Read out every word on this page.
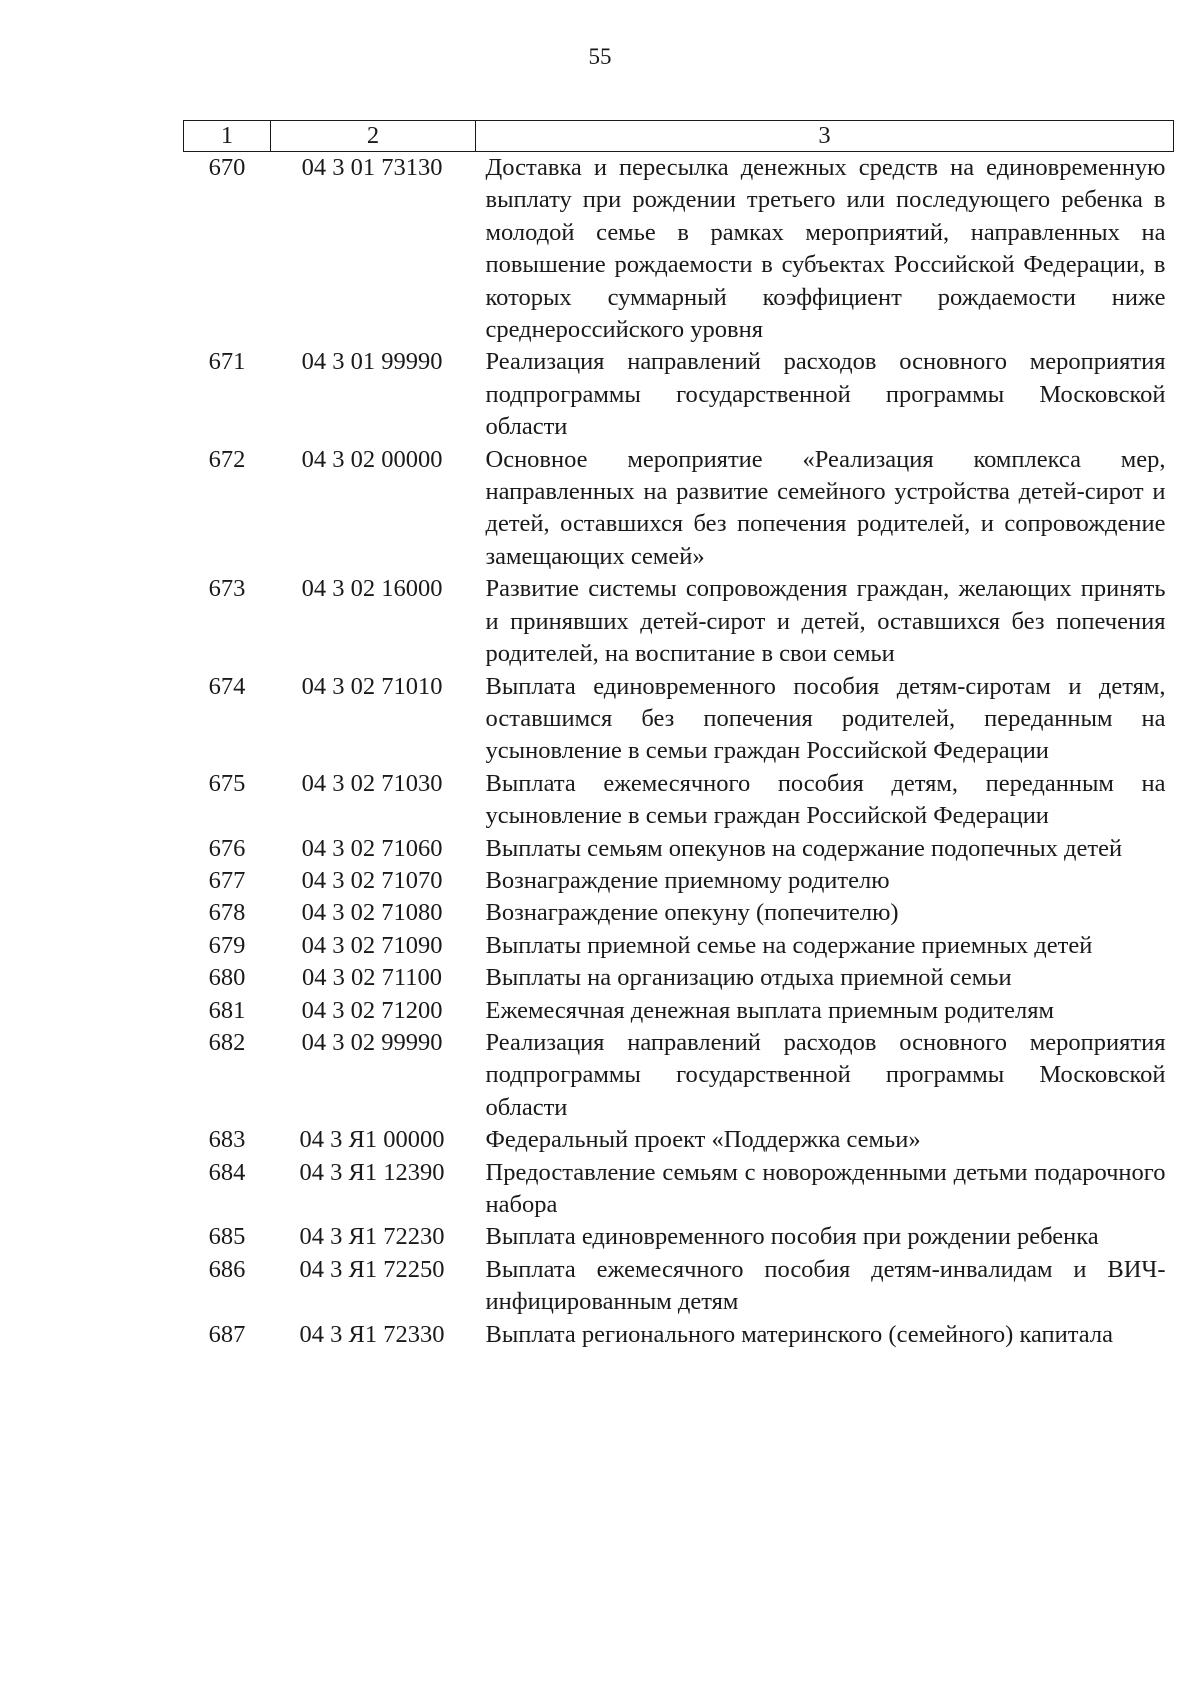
55
1	2	3
670	04 3 01 73130	Доставка и пересылка денежных средств на единовременную выплату при рождении третьего или последующего ребенка в молодой семье в рамках мероприятий, направленных на повышение рождаемости в субъектах Российской Федерации, в которых суммарный коэффициент рождаемости ниже среднероссийского уровня
671	04 3 01 99990	Реализация направлений расходов основного мероприятия подпрограммы государственной программы Московской области
672	04 3 02 00000	Основное мероприятие «Реализация комплекса мер, направленных на развитие семейного устройства детей-сирот и детей, оставшихся без попечения родителей, и сопровождение замещающих семей»
673	04 3 02 16000	Развитие системы сопровождения граждан, желающих принять и принявших детей-сирот и детей, оставшихся без попечения родителей, на воспитание в свои семьи
674	04 3 02 71010	Выплата единовременного пособия детям-сиротам и детям, оставшимся без попечения родителей, переданным на усыновление в семьи граждан Российской Федерации
675	04 3 02 71030	Выплата ежемесячного пособия детям, переданным на усыновление в семьи граждан Российской Федерации
676	04 3 02 71060	Выплаты семьям опекунов на содержание подопечных детей
677	04 3 02 71070	Вознаграждение приемному родителю
678	04 3 02 71080	Вознаграждение опекуну (попечителю)
679	04 3 02 71090	Выплаты приемной семье на содержание приемных детей
680	04 3 02 71100	Выплаты на организацию отдыха приемной семьи
681	04 3 02 71200	Ежемесячная денежная выплата приемным родителям
682	04 3 02 99990	Реализация направлений расходов основного мероприятия подпрограммы государственной программы Московской области
683	04 3 Я1 00000	Федеральный проект «Поддержка семьи»
684	04 3 Я1 12390	Предоставление семьям с новорожденными детьми подарочного набора
685	04 3 Я1 72230	Выплата единовременного пособия при рождении ребенка
686	04 3 Я1 72250	Выплата ежемесячного пособия детям-инвалидам и ВИЧ-инфицированным детям
687	04 3 Я1 72330	Выплата регионального материнского (семейного) капитала
